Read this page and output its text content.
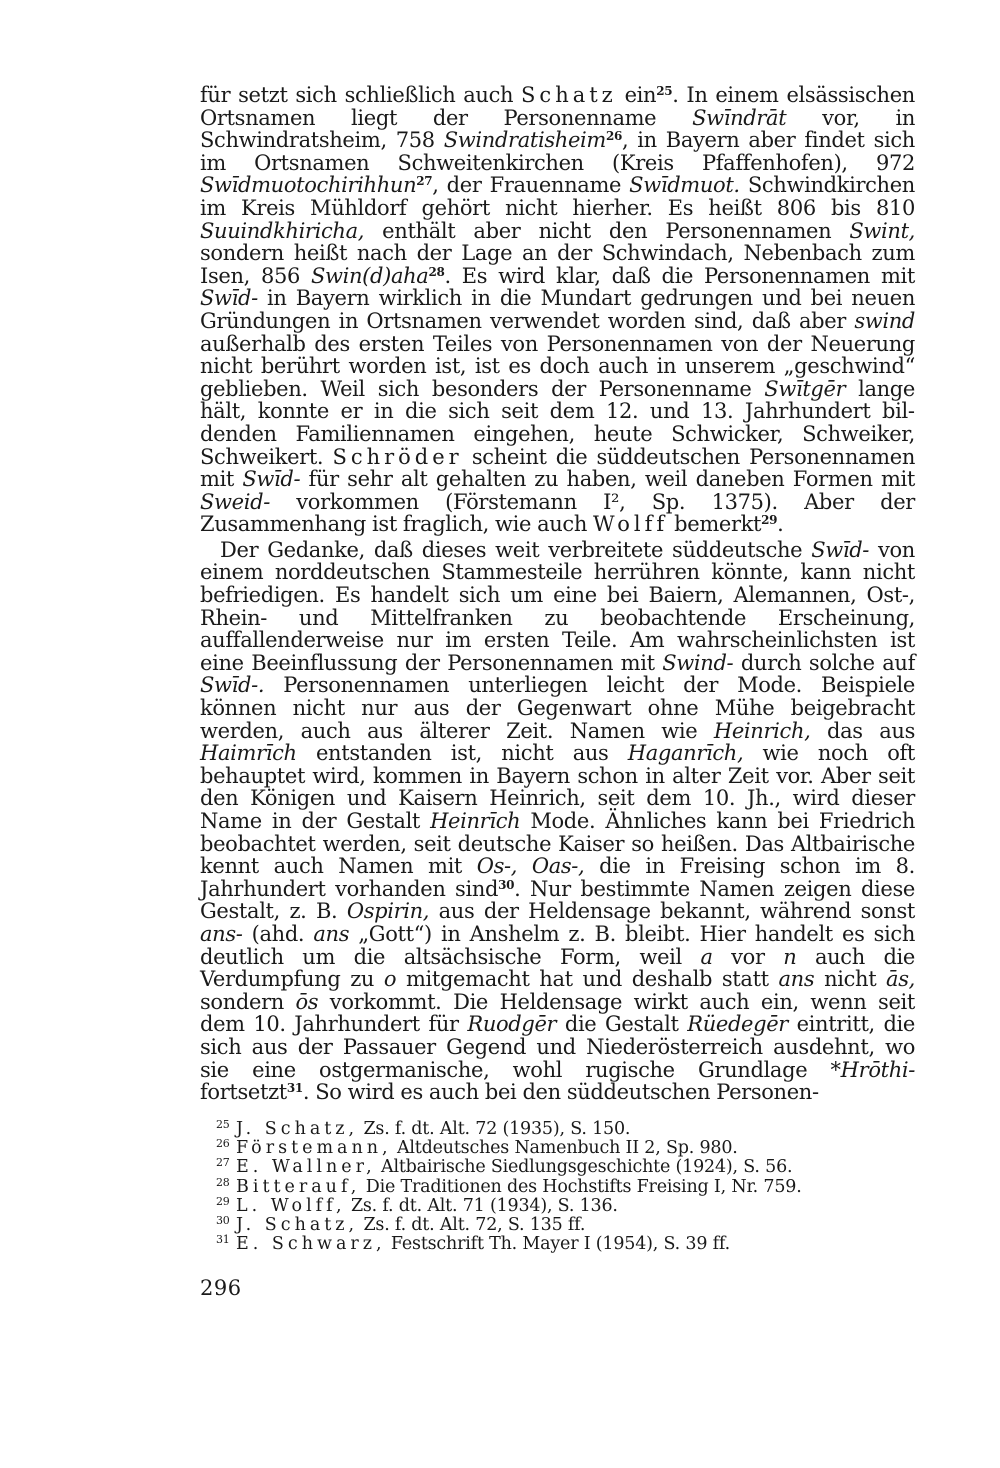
für setzt sich schließlich auch Schatz ein$^{25}$. In einem elsässischen Ortsnamen liegt der Personenname Swīndrāt vor, in Schwindratsheim, 758 Swindratisheim$^{26}$, in Bayern aber findet sich im Ortsnamen Schweitenkirchen (Kreis Pfaffenhofen), 972 Swīdmuotochirihhun$^{27}$, der Frauenname Swīdmuot. Schwindkirchen im Kreis Mühldorf gehört nicht hierher. Es heißt 806 bis 810 Suuindkhiricha, enthält aber nicht den Personennamen Swint, sondern heißt nach der Lage an der Schwindach, Nebenbach zum Isen, 856 Swin(d)aha$^{28}$. Es wird klar, daß die Personennamen mit Swīd- in Bayern wirklich in die Mundart gedrungen und bei neuen Gründungen in Ortsnamen verwendet worden sind, daß aber swind außerhalb des ersten Teiles von Personennamen von der Neuerung nicht berührt worden ist, ist es doch auch in unserem „geschwind“ geblieben. Weil sich besonders der Personenname Swītgēr lange hält, konnte er in die sich seit dem 12. und 13. Jahrhundert bildenden Familiennamen eingehen, heute Schwicker, Schweiker, Schweikert. Schröder scheint die süddeutschen Personennamen mit Swīd- für sehr alt gehalten zu haben, weil daneben Formen mit Sweid- vorkommen (Förstemann I², Sp. 1375). Aber der Zusammenhang ist fraglich, wie auch Wolff bemerkt$^{29}$.

Der Gedanke, daß dieses weit verbreitete süddeutsche Swīd- von einem norddeutschen Stammesteile herrühren könnte, kann nicht befriedigen. Es handelt sich um eine bei Baiern, Alemannen, Ost-, Rhein- und Mittelfranken zu beobachtende Erscheinung, auffallenderweise nur im ersten Teile. Am wahrscheinlichsten ist eine Beeinflussung der Personennamen mit Swind- durch solche auf Swīd-. Personennamen unterliegen leicht der Mode. Beispiele können nicht nur aus der Gegenwart ohne Mühe beigebracht werden, auch aus älterer Zeit. Namen wie Heinrich, das aus Haimrīch entstanden ist, nicht aus Haganrīch, wie noch oft behauptet wird, kommen in Bayern schon in alter Zeit vor. Aber seit den Königen und Kaisern Heinrich, seit dem 10. Jh., wird dieser Name in der Gestalt Heinrīch Mode. Ähnliches kann bei Friedrich beobachtet werden, seit deutsche Kaiser so heißen. Das Altbairische kennt auch Namen mit Os-, Oas-, die in Freising schon im 8. Jahrhundert vorhanden sind$^{30}$. Nur bestimmte Namen zeigen diese Gestalt, z. B. Ospirin, aus der Heldensage bekannt, während sonst ans- (ahd. ans „Gott“) in Anshelm z. B. bleibt. Hier handelt es sich deutlich um die altsächsische Form, weil a vor n auch die Verdumpfung zu o mitgemacht hat und deshalb statt ans nicht ās, sondern ōs vorkommt. Die Heldensage wirkt auch ein, wenn seit dem 10. Jahrhundert für Ruodgēr die Gestalt Rüedegēr eintritt, die sich aus der Passauer Gegend und Niederösterreich ausdehnt, wo sie eine ostgermanische, wohl rugische Grundlage *Hrōthi- fortsetzt$^{31}$. So wird es auch bei den süddeutschen Personen-

25 J. Schatz, Zs. f. dt. Alt. 72 (1935), S. 150.
26 Förstemann, Altdeutsches Namenbuch II 2, Sp. 980.
27 E. Wallner, Altbairische Siedlungsgeschichte (1924), S. 56.
28 Bitterauf, Die Traditionen des Hochstifts Freising I, Nr. 759.
29 L. Wolff, Zs. f. dt. Alt. 71 (1934), S. 136.
30 J. Schatz, Zs. f. dt. Alt. 72, S. 135 ff.
31 E. Schwarz, Festschrift Th. Mayer I (1954), S. 39 ff.
296
